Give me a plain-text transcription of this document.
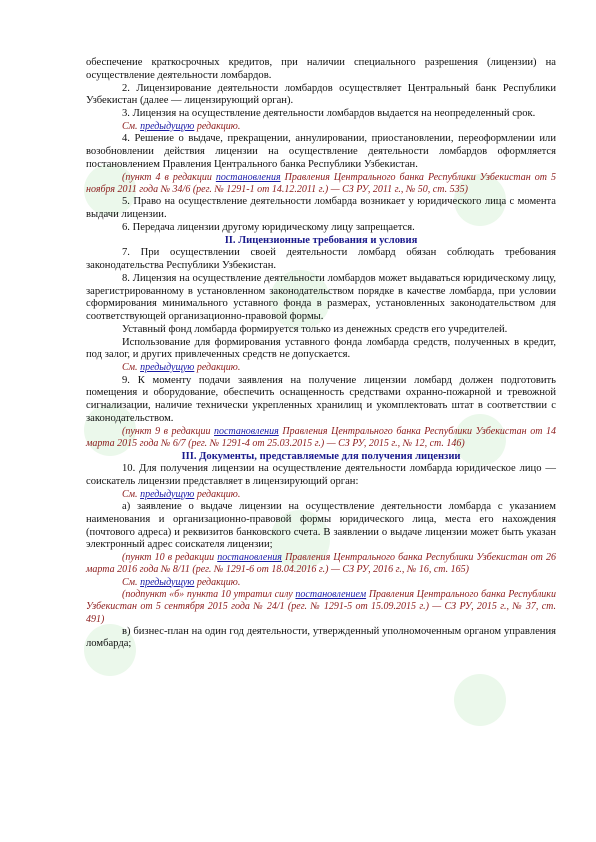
обеспечение краткосрочных кредитов, при наличии специального разрешения (лицензии) на осуществление деятельности ломбардов.

2. Лицензирование деятельности ломбардов осуществляет Центральный банк Республики Узбекистан (далее — лицензирующий орган).

3. Лицензия на осуществление деятельности ломбардов выдается на неопределенный срок.

См. предыдущую редакцию.

4. Решение о выдаче, прекращении, аннулировании, приостановлении, переоформлении или возобновлении действия лицензии на осуществление деятельности ломбардов оформляется постановлением Правления Центрального банка Республики Узбекистан.

(пункт 4 в редакции постановления Правления Центрального банка Республики Узбекистан от 5 ноября 2011 года № 34/6 (рег. № 1291-1 от 14.12.2011 г.) — СЗ РУ, 2011 г., № 50, ст. 535)

5. Право на осуществление деятельности ломбарда возникает у юридического лица с момента выдачи лицензии.

6. Передача лицензии другому юридическому лицу запрещается.

II. Лицензионные требования и условия

7. При осуществлении своей деятельности ломбард обязан соблюдать требования законодательства Республики Узбекистан.

8. Лицензия на осуществление деятельности ломбардов может выдаваться юридическому лицу, зарегистрированному в установленном законодательством порядке в качестве ломбарда, при условии сформирования минимального уставного фонда в размерах, установленных законодательством для соответствующей организационно-правовой формы.

Уставный фонд ломбарда формируется только из денежных средств его учредителей.

Использование для формирования уставного фонда ломбарда средств, полученных в кредит, под залог, и других привлеченных средств не допускается.

См. предыдущую редакцию.

9. К моменту подачи заявления на получение лицензии ломбард должен подготовить помещения и оборудование, обеспечить оснащенность средствами охранно-пожарной и тревожной сигнализации, наличие технически укрепленных хранилищ и укомплектовать штат в соответствии с законодательством.

(пункт 9 в редакции постановления Правления Центрального банка Республики Узбекистан от 14 марта 2015 года № 6/7 (рег. № 1291-4 от 25.03.2015 г.) — СЗ РУ, 2015 г., № 12, ст. 146)

III. Документы, представляемые для получения лицензии

10. Для получения лицензии на осуществление деятельности ломбарда юридическое лицо — соискатель лицензии представляет в лицензирующий орган:

См. предыдущую редакцию.

а) заявление о выдаче лицензии на осуществление деятельности ломбарда с указанием наименования и организационно-правовой формы юридического лица, места его нахождения (почтового адреса) и реквизитов банковского счета. В заявлении о выдаче лицензии может быть указан электронный адрес соискателя лицензии;

(пункт 10 в редакции постановления Правления Центрального банка Республики Узбекистан от 26 марта 2016 года № 8/11 (рег. № 1291-6 от 18.04.2016 г.) — СЗ РУ, 2016 г., № 16, ст. 165)

См. предыдущую редакцию.

(подпункт «б» пункта 10 утратил силу постановлением Правления Центрального банка Республики Узбекистан от 5 сентября 2015 года № 24/1 (рег. № 1291-5 от 15.09.2015 г.) — СЗ РУ, 2015 г., № 37, ст. 491)

в) бизнес-план на один год деятельности, утвержденный уполномоченным органом управления ломбарда;
